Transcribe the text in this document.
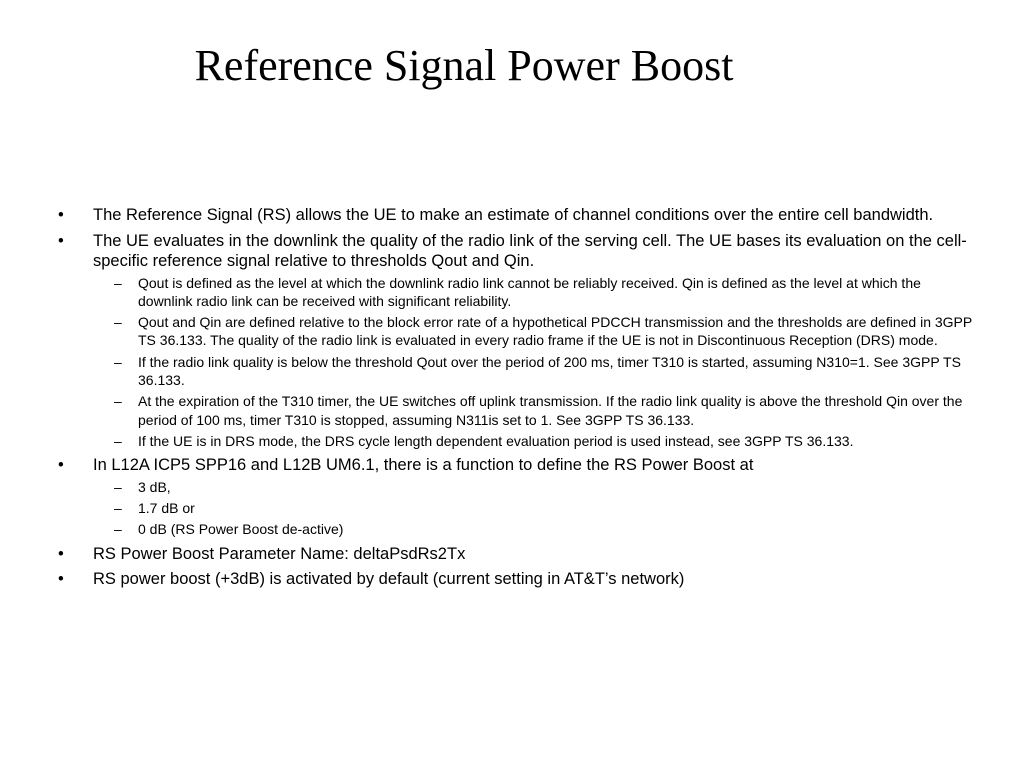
Reference Signal Power Boost
• The Reference Signal (RS) allows the UE to make an estimate of channel conditions over the entire cell bandwidth.
• The UE evaluates in the downlink the quality of the radio link of the serving cell. The UE bases its evaluation on the cell-specific reference signal relative to thresholds Qout and Qin.
– Qout is defined as the level at which the downlink radio link cannot be reliably received. Qin is defined as the level at which the downlink radio link can be received with significant reliability.
– Qout and Qin are defined relative to the block error rate of a hypothetical PDCCH transmission and the thresholds are defined in 3GPP TS 36.133. The quality of the radio link is evaluated in every radio frame if the UE is not in Discontinuous Reception (DRS) mode.
– If the radio link quality is below the threshold Qout over the period of 200 ms, timer T310 is started, assuming N310=1. See 3GPP TS 36.133.
– At the expiration of the T310 timer, the UE switches off uplink transmission. If the radio link quality is above the threshold Qin over the period of 100 ms, timer T310 is stopped, assuming N311is set to 1. See 3GPP TS 36.133.
– If the UE is in DRS mode, the DRS cycle length dependent evaluation period is used instead, see 3GPP TS 36.133.
• In L12A ICP5 SPP16 and L12B UM6.1, there is a function to define the RS Power Boost at
– 3 dB,
– 1.7 dB or
– 0 dB (RS Power Boost de-active)
• RS Power Boost Parameter Name: deltaPsdRs2Tx
• RS power boost (+3dB) is activated by default (current setting in AT&T’s network)
